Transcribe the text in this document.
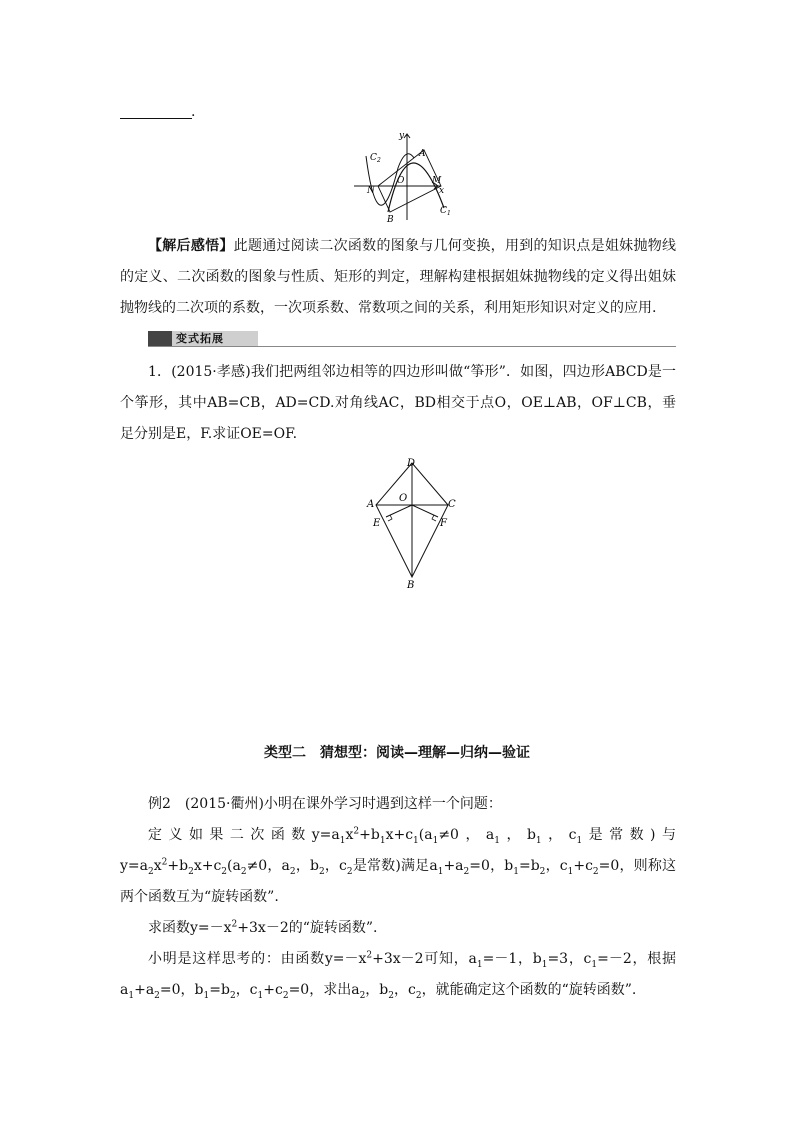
.
y
x
C 2
C 1
A
O
N
M
B
【解后感悟】此题通过阅读二次函数的图象与几何变换，用到的知识点是姐妹抛物线的定义、二次函数的图象与性质、矩形的判定，理解构建根据姐妹抛物线的定义得出姐妹抛物线的二次项的系数，一次项系数、常数项之间的关系，利用矩形知识对定义的应用.
变式拓展
1．(2015·孝感)我们把两组邻边相等的四边形叫做“筝形”．如图，四边形ABCD是一个筝形，其中AB=CB，AD=CD.对角线AC，BD相交于点O，OE⊥AB，OF⊥CB，垂足分别是E，F.求证OE=OF.
D
A
O
C
E	F
B
类型二　猜想型：阅读—理解—归纳—验证
例2　 (2015·衢州)小明在课外学习时遇到这样一个问题：
定义如果二次函数$y=a_1x^2+b_1x+c_1(a_1\ne 0$，$a_1$，$b_1$，$c_1$是常数)与$y=a_2x^2+b_2x+c_2(a_2\ne 0$，$a_2$，$b_2$，$c_2$是常数)满足$a_1+a_2=0$，$b_1=b_2$，$c_1+c_2=0$，则称这两个函数互为“旋转函数”.
求函数$y=-x^2+3x-2$的“旋转函数”.
小明是这样思考的：由函数$y=-x^2+3x-2$可知，$a_1=-1$，$b_1=3$，$c_1=-2$，根据$a_1+a_2=0$，$b_1=b_2$，$c_1+c_2=0$，求出$a_2$，$b_2$，$c_2$，就能确定这个函数的“旋转函数”.
